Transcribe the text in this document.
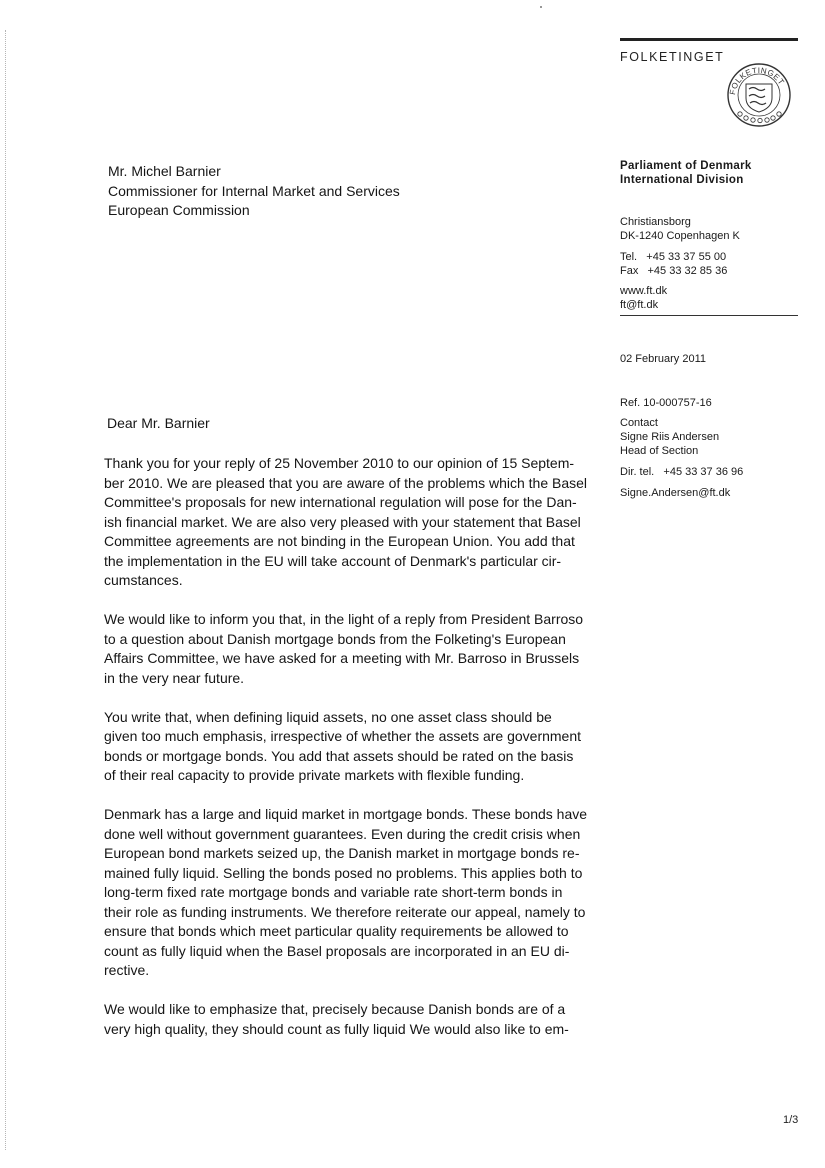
FOLKETINGET
FOLKETINGET

Parliament of Denmark

International Division

Christiansborg

DK-1240 Copenhagen K

Tel.   +45 33 37 55 00

Fax   +45 33 32 85 36

www.ft.dk

ft@ft.dk

02 February 2011

Ref. 10-000757-16

Contact

Signe Riis Andersen

Head of Section

Dir. tel.   +45 33 37 36 96

Signe.Andersen@ft.dk

Mr. Michel Barnier
Commissioner for Internal Market and Services
European Commission
Dear Mr. Barnier

Thank you for your reply of 25 November 2010 to our opinion of 15 Septem-
ber 2010. We are pleased that you are aware of the problems which the Basel
Committee's proposals for new international regulation will pose for the Dan-
ish financial market. We are also very pleased with your statement that Basel
Committee agreements are not binding in the European Union. You add that
the implementation in the EU will take account of Denmark's particular cir-
cumstances.

We would like to inform you that, in the light of a reply from President Barroso
to a question about Danish mortgage bonds from the Folketing's European
Affairs Committee, we have asked for a meeting with Mr. Barroso in Brussels
in the very near future.

You write that, when defining liquid assets, no one asset class should be
given too much emphasis, irrespective of whether the assets are government
bonds or mortgage bonds. You add that assets should be rated on the basis
of their real capacity to provide private markets with flexible funding.

Denmark has a large and liquid market in mortgage bonds. These bonds have
done well without government guarantees. Even during the credit crisis when
European bond markets seized up, the Danish market in mortgage bonds re-
mained fully liquid. Selling the bonds posed no problems. This applies both to
long-term fixed rate mortgage bonds and variable rate short-term bonds in
their role as funding instruments. We therefore reiterate our appeal, namely to
ensure that bonds which meet particular quality requirements be allowed to
count as fully liquid when the Basel proposals are incorporated in an EU di-
rective.

We would like to emphasize that, precisely because Danish bonds are of a
very high quality, they should count as fully liquid We would also like to em-

1/3
